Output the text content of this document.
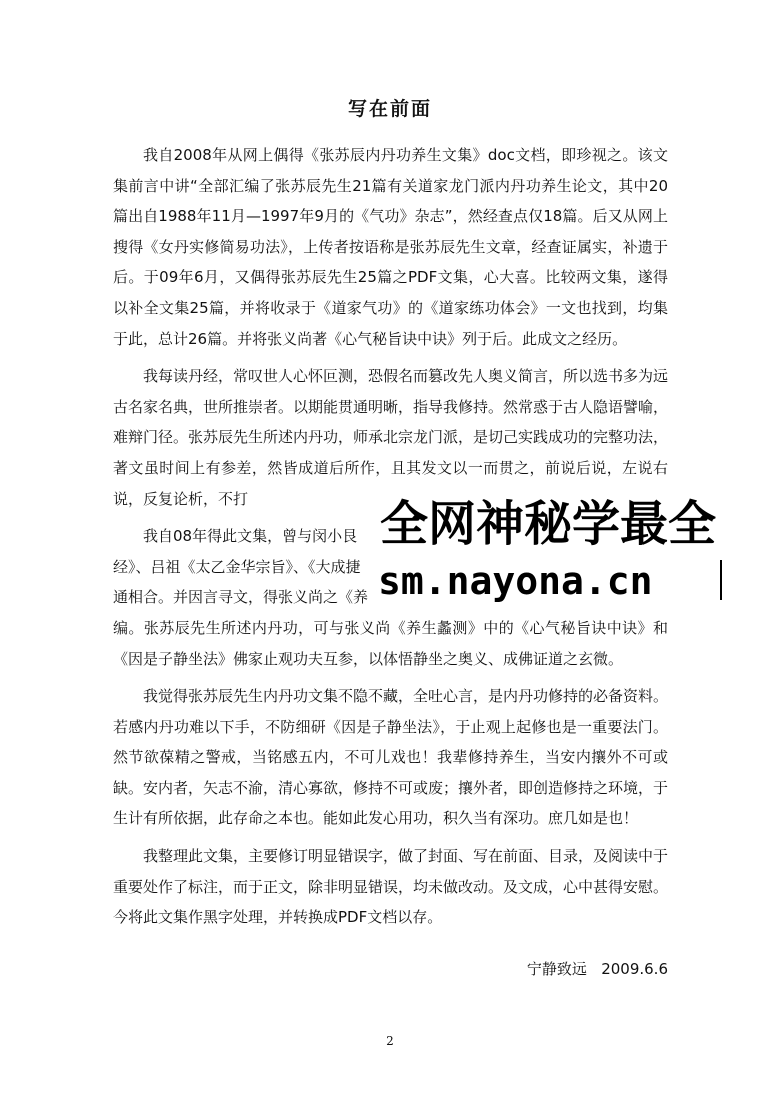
写在前面

我自2008年从网上偶得《张苏辰内丹功养生文集》doc文档，即珍视之。该文集前言中讲“全部汇编了张苏辰先生21篇有关道家龙门派内丹功养生论文，其中20篇出自1988年11月—1997年9月的《气功》杂志”，然经查点仅18篇。后又从网上搜得《女丹实修简易功法》，上传者按语称是张苏辰先生文章，经查证属实，补遗于后。于09年6月，又偶得张苏辰先生25篇之PDF文集，心大喜。比较两文集，遂得以补全文集25篇，并将收录于《道家气功》的《道家练功体会》一文也找到，均集于此，总计26篇。并将张义尚著《心气秘旨诀中诀》列于后。此成文之经历。

我每读丹经，常叹世人心怀叵测，恐假名而篡改先人奥义简言，所以选书多为远古名家名典，世所推崇者。以期能贯通明晰，指导我修持。然常惑于古人隐语譬喻，难辩门径。张苏辰先生所述内丹功，师承北宗龙门派，是切己实践成功的完整功法，著文虽时间上有参差，然皆成道后所作，且其发文以一而贯之，前说后说，左说右说，反复论析，不打

我自08年得此文集，曾与闵小艮

经》、吕祖《太乙金华宗旨》、《大成捷

通相合。并因言寻文，得张义尚之《养

编。张苏辰先生所述内丹功，可与张义尚《养生蠡测》中的《心气秘旨诀中诀》和《因是子静坐法》佛家止观功夫互参，以体悟静坐之奥义、成佛证道之玄微。

我觉得张苏辰先生内丹功文集不隐不藏，全吐心言，是内丹功修持的必备资料。若感内丹功难以下手，不防细研《因是子静坐法》，于止观上起修也是一重要法门。然节欲葆精之警戒，当铭感五内，不可儿戏也！我辈修持养生，当安内攘外不可或缺。安内者，矢志不渝，清心寡欲，修持不可或废；攘外者，即创造修持之环境，于生计有所依据，此存命之本也。能如此发心用功，积久当有深功。庶几如是也！

我整理此文集，主要修订明显错误字，做了封面、写在前面、目录，及阅读中于重要处作了标注，而于正文，除非明显错误，均未做改动。及文成，心中甚得安慰。今将此文集作黑字处理，并转换成PDF文档以存。

宁静致远   2009.6.6
2
全网神秘学最全
sm.nayona.cn
